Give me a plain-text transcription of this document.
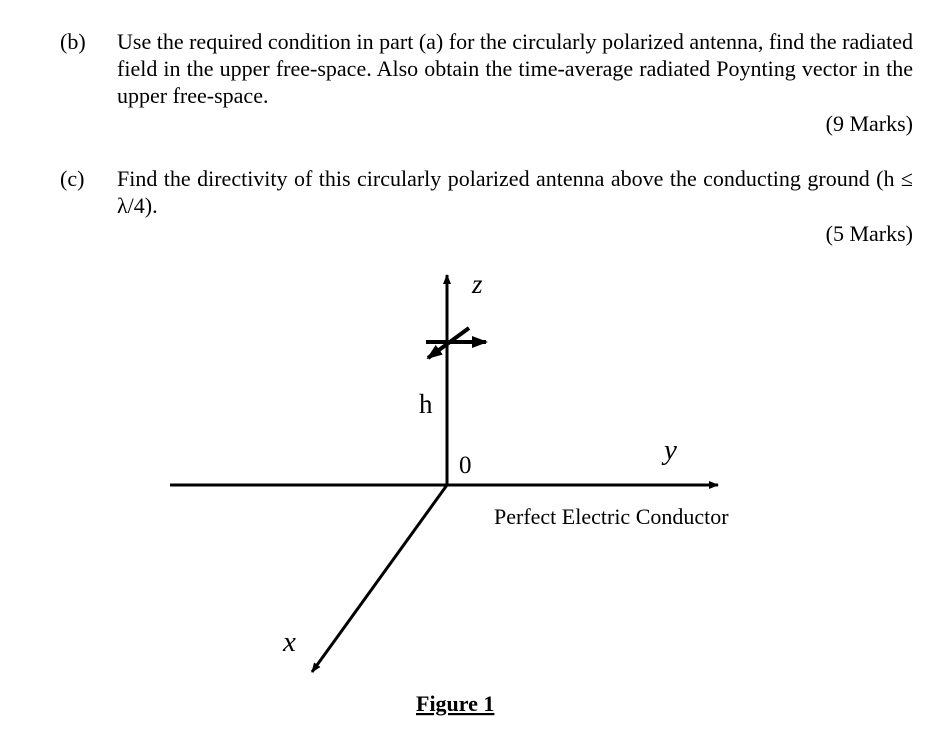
(b) Use the required condition in part (a) for the circularly polarized antenna, find the radiated field in the upper free-space. Also obtain the time-average radiated Poynting vector in the upper free-space.
(9 Marks)
(c) Find the directivity of this circularly polarized antenna above the conducting ground (h ≤ λ/4).
(5 Marks)
z
y
x
h
0
Perfect Electric Conductor
Figure 1
